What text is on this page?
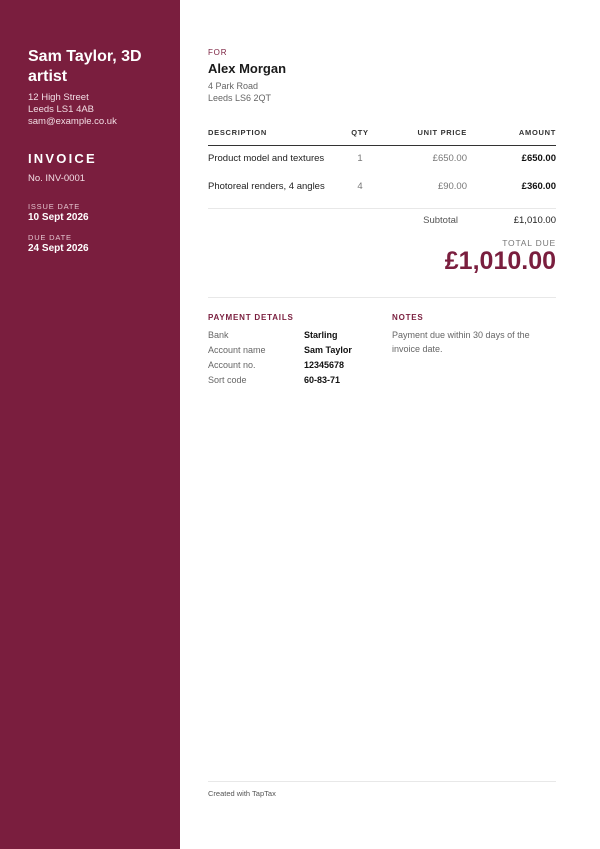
Sam Taylor, 3D artist
12 High Street
Leeds LS1 4AB
sam@example.co.uk
INVOICE
No. INV-0001
ISSUE DATE
10 Sept 2026
DUE DATE
24 Sept 2026
FOR
Alex Morgan
4 Park Road
Leeds LS6 2QT
DESCRIPTION	QTY	UNIT PRICE	AMOUNT
Product model and textures	1	£650.00	£650.00
Photoreal renders, 4 angles	4	£90.00	£360.00
Subtotal	£1,010.00
TOTAL DUE
£1,010.00
PAYMENT DETAILS
Bank	Starling
Account name	Sam Taylor
Account no.	12345678
Sort code	60-83-71
NOTES
Payment due within 30 days of the invoice date.
Created with TapTax
